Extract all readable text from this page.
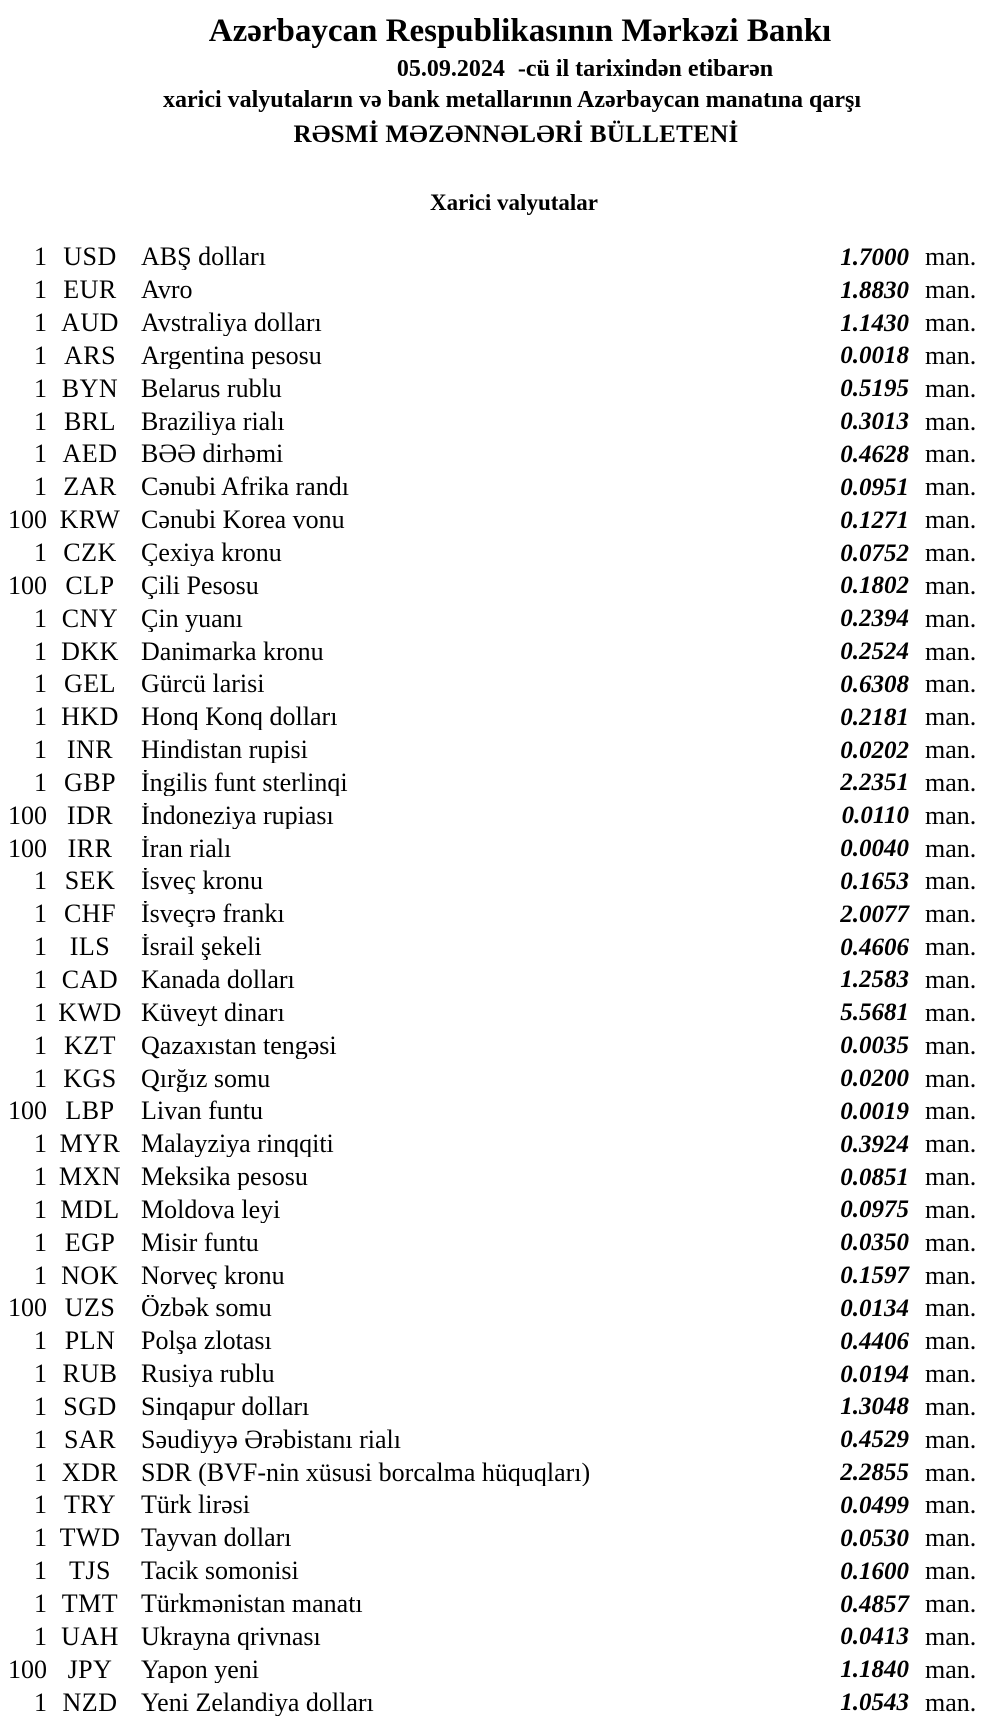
Azərbaycan Respublikasının Mərkəzi Bankı
05.09.2024 -cü il tarixindən etibarən
xarici valyutaların və bank metallarının Azərbaycan manatına qarşı
RƏSMİ MƏZƏNNƏLƏRİ BÜLLETENİ
Xarici valyutalar
1 USD ABŞ dolları	1.7000 man.
1 EUR Avro	1.8830 man.
1 AUD Avstraliya dolları	1.1430 man.
1 ARS Argentina pesosu	0.0018 man.
1 BYN Belarus rublu	0.5195 man.
1 BRL Braziliya rialı	0.3013 man.
1 AED BƏƏ dirhəmi	0.4628 man.
1 ZAR Cənubi Afrika randı	0.0951 man.
100 KRW Cənubi Korea vonu	0.1271 man.
1 CZK Çexiya kronu	0.0752 man.
100 CLP	Çili Pesosu	0.1802 man.
1 CNY Çin yuanı	0.2394 man.
1 DKK Danimarka kronu	0.2524 man.
1 GEL Gürcü larisi	0.6308 man.
1 HKD Honq Konq dolları	0.2181 man.
1 INR	Hindistan rupisi	0.0202 man.
1 GBP İngilis funt sterlinqi	2.2351 man.
100 IDR	İndoneziya rupiası	0.0110 man.
100 IRR	İran rialı	0.0040 man.
1 SEK İsveç kronu	0.1653 man.
1 CHF İsveçrə frankı	2.0077 man.
1 ILS	İsrail şekeli	0.4606 man.
1 CAD Kanada dolları	1.2583 man.
1 KWD Küveyt dinarı	5.5681 man.
1 KZT Qazaxıstan tengəsi	0.0035 man.
1 KGS Qırğız somu	0.0200 man.
100 LBP	Livan funtu	0.0019 man.
1 MYR Malayziya rinqqiti	0.3924 man.
1 MXN Meksika pesosu	0.0851 man.
1 MDL Moldova leyi	0.0975 man.
1 EGP Misir funtu	0.0350 man.
1 NOK Norveç kronu	0.1597 man.
100 UZS Özbək somu	0.0134 man.
1 PLN Polşa zlotası	0.4406 man.
1 RUB Rusiya rublu	0.0194 man.
1 SGD Sinqapur dolları	1.3048 man.
1 SAR Səudiyyə Ərəbistanı rialı	0.4529 man.
1 XDR SDR (BVF-nin xüsusi borcalma hüquqları)	2.2855 man.
1 TRY Türk lirəsi	0.0499 man.
1 TWD Tayvan dolları	0.0530 man.
1 TJS	Tacik somonisi	0.1600 man.
1 TMT Türkmənistan manatı	0.4857 man.
1 UAH Ukrayna qrivnası	0.0413 man.
100 JPY	Yapon yeni	1.1840 man.
1 NZD Yeni Zelandiya dolları	1.0543 man.
